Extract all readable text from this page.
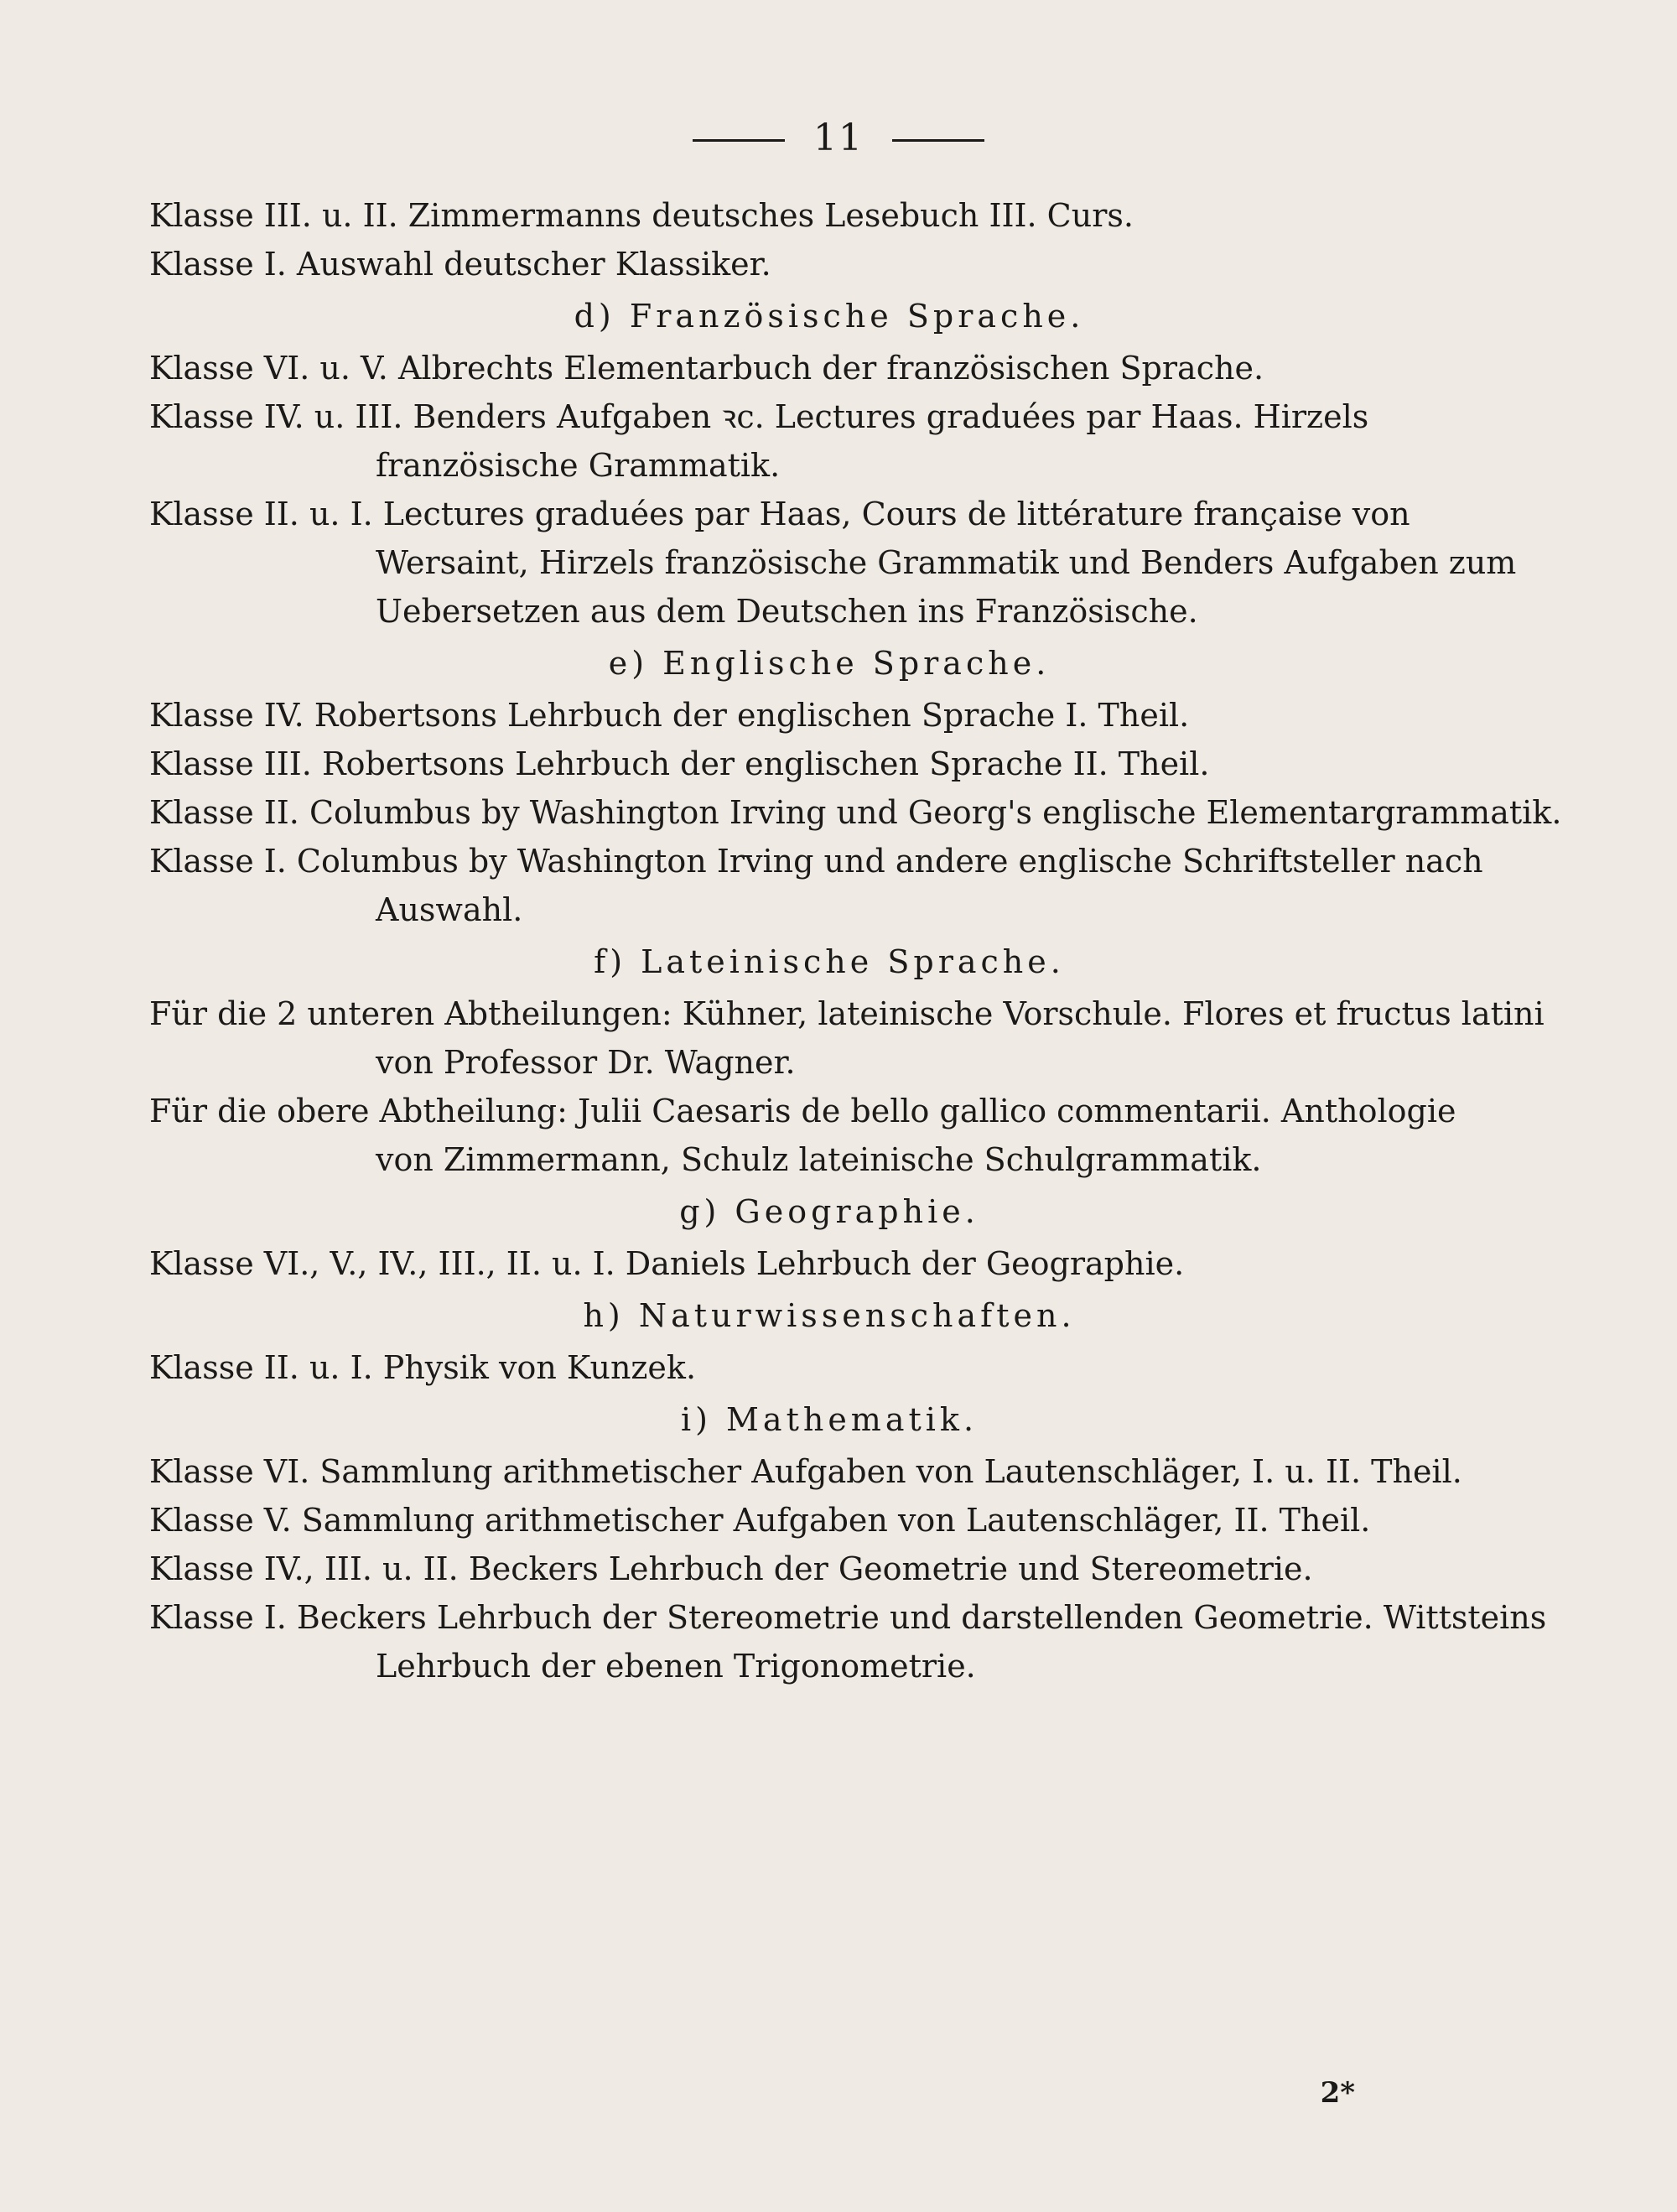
11
Klasse III. u. II. Zimmermanns deutsches Lesebuch III. Curs.
Klasse I. Auswahl deutscher Klassiker.
d) Französische Sprache.
Klasse VI. u. V. Albrechts Elementarbuch der französischen Sprache.
Klasse IV. u. III. Benders Aufgaben ꝛc. Lectures graduées par Haas. Hirzels
französische Grammatik.
Klasse II. u. I. Lectures graduées par Haas, Cours de littérature française von
Wersaint, Hirzels französische Grammatik und Benders Aufgaben zum
Uebersetzen aus dem Deutschen ins Französische.
e) Englische Sprache.
Klasse IV. Robertsons Lehrbuch der englischen Sprache I. Theil.
Klasse III. Robertsons Lehrbuch der englischen Sprache II. Theil.
Klasse II. Columbus by Washington Irving und Georg's englische Elementargrammatik.
Klasse I. Columbus by Washington Irving und andere englische Schriftsteller nach
Auswahl.
f) Lateinische Sprache.
Für die 2 unteren Abtheilungen: Kühner, lateinische Vorschule. Flores et fructus latini
von Professor Dr. Wagner.
Für die obere Abtheilung: Julii Caesaris de bello gallico commentarii. Anthologie
von Zimmermann, Schulz lateinische Schulgrammatik.
g) Geographie.
Klasse VI., V., IV., III., II. u. I. Daniels Lehrbuch der Geographie.
h) Naturwissenschaften.
Klasse II. u. I. Physik von Kunzek.
i) Mathematik.
Klasse VI. Sammlung arithmetischer Aufgaben von Lautenschläger, I. u. II. Theil.
Klasse V. Sammlung arithmetischer Aufgaben von Lautenschläger, II. Theil.
Klasse IV., III. u. II. Beckers Lehrbuch der Geometrie und Stereometrie.
Klasse I. Beckers Lehrbuch der Stereometrie und darstellenden Geometrie. Wittsteins
Lehrbuch der ebenen Trigonometrie.
2*
